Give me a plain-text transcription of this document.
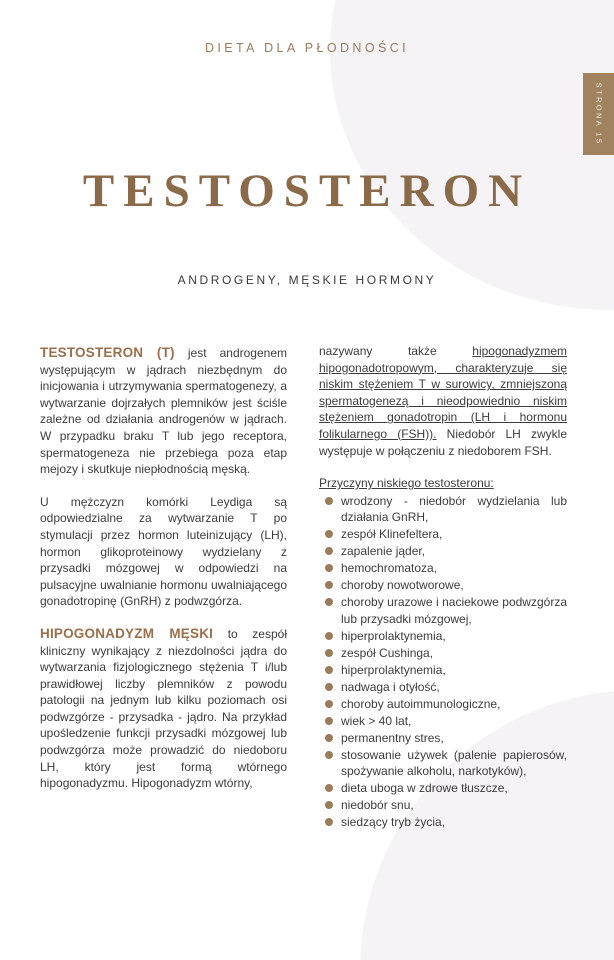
DIETA DLA PŁODNOŚCI
STRONA 15
TESTOSTERON
ANDROGENY, MĘSKIE HORMONY

TESTOSTERON (T) jest androgenem występującym w jądrach niezbędnym do inicjowania i utrzymywania spermatogenezy, a wytwarzanie dojrzałych plemników jest ściśle zależne od działania androgenów w jądrach. W przypadku braku T lub jego receptora, spermatogeneza nie przebiega poza etap mejozy i skutkuje niepłodnością męską.

U mężczyzn komórki Leydiga są odpowiedzialne za wytwarzanie T po stymulacji przez hormon luteinizujący (LH), hormon glikoproteinowy wydzielany z przysadki mózgowej w odpowiedzi na pulsacyjne uwalnianie hormonu uwalniającego gonadotropinę (GnRH) z podwzgórza.

HIPOGONADYZM MĘSKI to zespół kliniczny wynikający z niezdolności jądra do wytwarzania fizjologicznego stężenia T i/lub prawidłowej liczby plemników z powodu patologii na jednym lub kilku poziomach osi podwzgórze - przysadka - jądro. Na przykład upośledzenie funkcji przysadki mózgowej lub podwzgórza może prowadzić do niedoboru LH, który jest formą wtórnego hipogonadyzmu. Hipogonadyzm wtórny,

nazywany także hipogonadyzmem hipogonadotropowym, charakteryzuje się niskim stężeniem T w surowicy, zmniejszoną spermatogenezą i nieodpowiednio niskim stężeniem gonadotropin (LH i hormonu folikularnego (FSH)). Niedobór LH zwykle występuje w połączeniu z niedoborem FSH.

Przyczyny niskiego testosteronu:
wrodzony - niedobór wydzielania lub działania GnRH,
zespół Klinefeltera,
zapalenie jąder,
hemochromatoza,
choroby nowotworowe,
choroby urazowe i naciekowe podwzgórza lub przysadki mózgowej,
hiperprolaktynemia,
zespół Cushinga,
hiperprolaktynemia,
nadwaga i otyłość,
choroby autoimmunologiczne,
wiek > 40 lat,
permanentny stres,
stosowanie używek (palenie papierosów, spożywanie alkoholu, narkotyków),
dieta uboga w zdrowe tłuszcze,
niedobór snu,
siedzący tryb życia,
